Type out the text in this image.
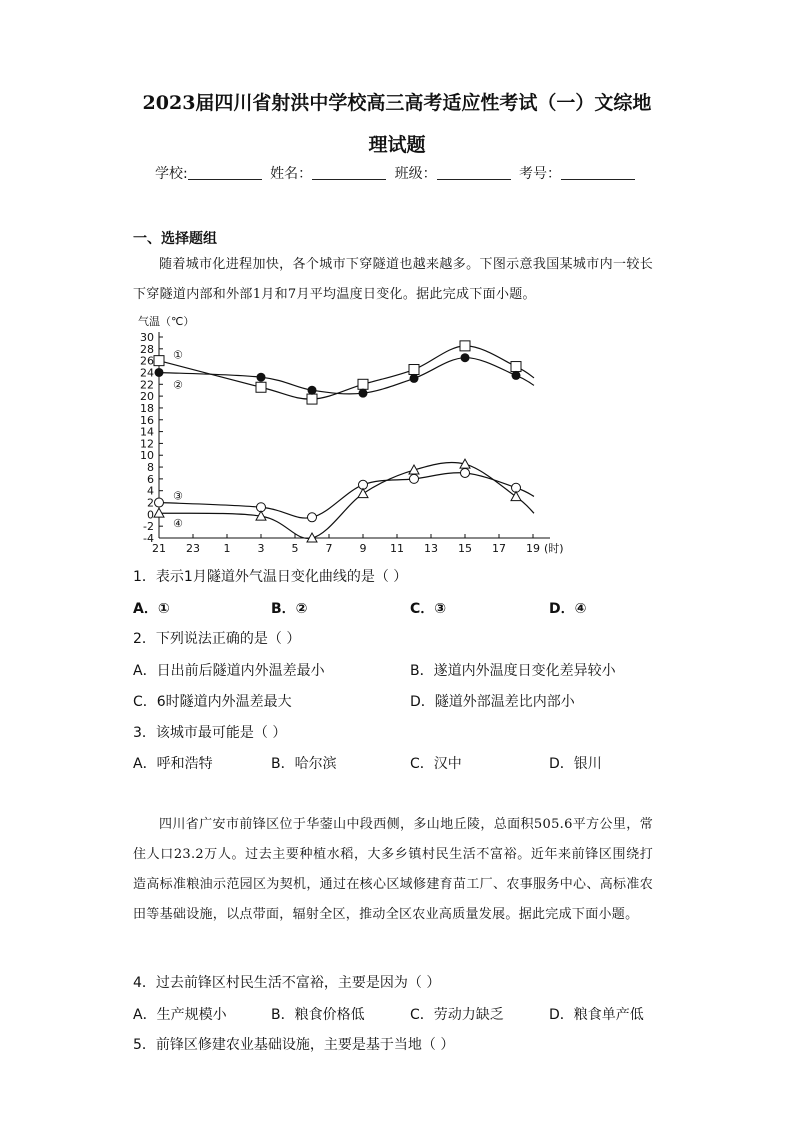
2023届四川省射洪中学校高三高考适应性考试（一）文综地
理试题
学校:	姓名：	班级：	考号：
一、选择题组
随着城市化进程加快，各个城市下穿隧道也越来越多。下图示意我国某城市内一较长下穿隧道内部和外部1月和7月平均温度日变化。据此完成下面小题。
气温（℃）
-4
-2
0
2
4
6
8
10
12
14
16
18
20
22
24
26
28
30
21 23 1 3 5 7 9 11 13 15 17 19 (时)
①
②
③
④
1．表示1月隧道外气温日变化曲线的是（ ）
A．①	B．②	C．③	D．④
2．下列说法正确的是（ ）
A．日出前后隧道内外温差最小	B．遂道内外温度日变化差异较小
C．6时隧道内外温差最大	D．隧道外部温差比内部小
3．该城市最可能是（ ）
A．呼和浩特	B．哈尔滨	C．汉中	D．银川
四川省广安市前锋区位于华蓥山中段西侧，多山地丘陵，总面积505.6平方公里，常住人口23.2万人。过去主要种植水稻，大多乡镇村民生活不富裕。近年来前锋区围绕打造高标准粮油示范园区为契机，通过在核心区域修建育苗工厂、农事服务中心、高标准农田等基础设施，以点带面，辐射全区，推动全区农业高质量发展。据此完成下面小题。
4．过去前锋区村民生活不富裕，主要是因为（ ）
A．生产规模小	B．粮食价格低	C．劳动力缺乏	D．粮食单产低
5．前锋区修建农业基础设施，主要是基于当地（ ）
